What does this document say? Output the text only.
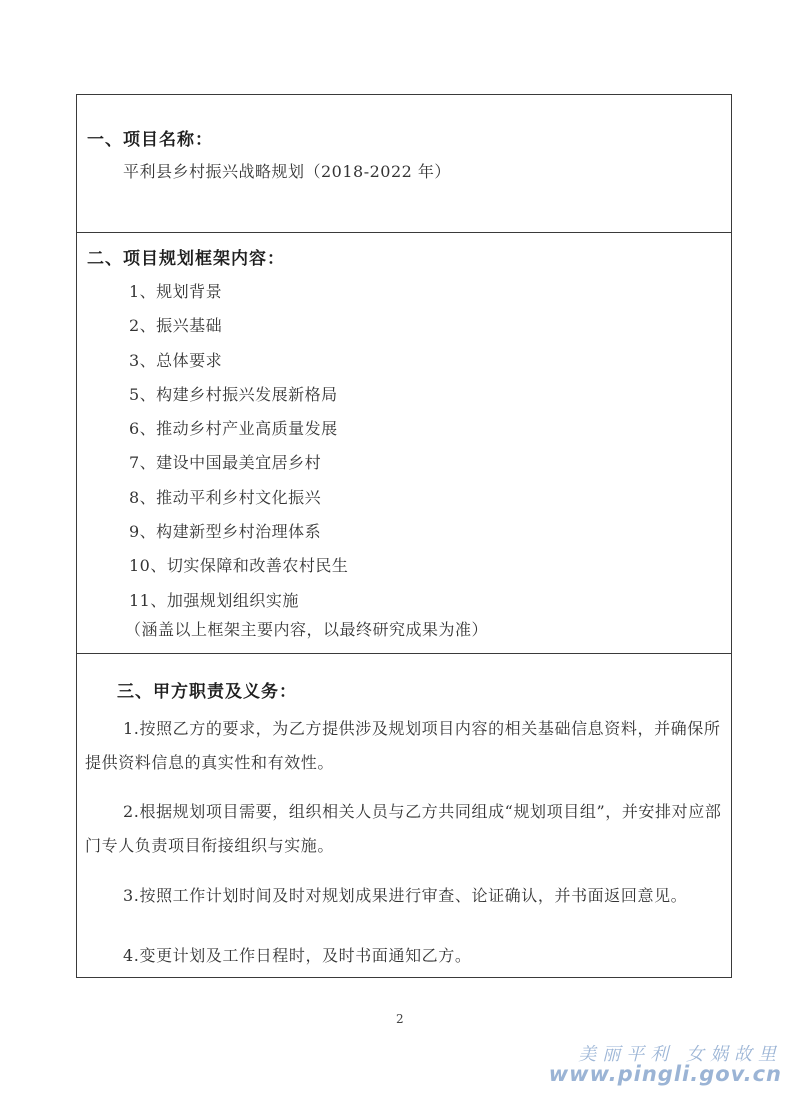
一、项目名称：
平利县乡村振兴战略规划（2018-2022 年）
二、项目规划框架内容：
1、规划背景
2、振兴基础
3、总体要求
5、构建乡村振兴发展新格局
6、推动乡村产业高质量发展
7、建设中国最美宜居乡村
8、推动平利乡村文化振兴
9、构建新型乡村治理体系
10、切实保障和改善农村民生
11、加强规划组织实施
（涵盖以上框架主要内容，以最终研究成果为准）
三、甲方职责及义务：
1.按照乙方的要求，为乙方提供涉及规划项目内容的相关基础信息资料，并确保所提供资料信息的真实性和有效性。
2.根据规划项目需要，组织相关人员与乙方共同组成“规划项目组”，并安排对应部门专人负责项目衔接组织与实施。
3.按照工作计划时间及时对规划成果进行审查、论证确认，并书面返回意见。
4.变更计划及工作日程时，及时书面通知乙方。
2
美丽平利 女娲故里
www.pingli.gov.cn
